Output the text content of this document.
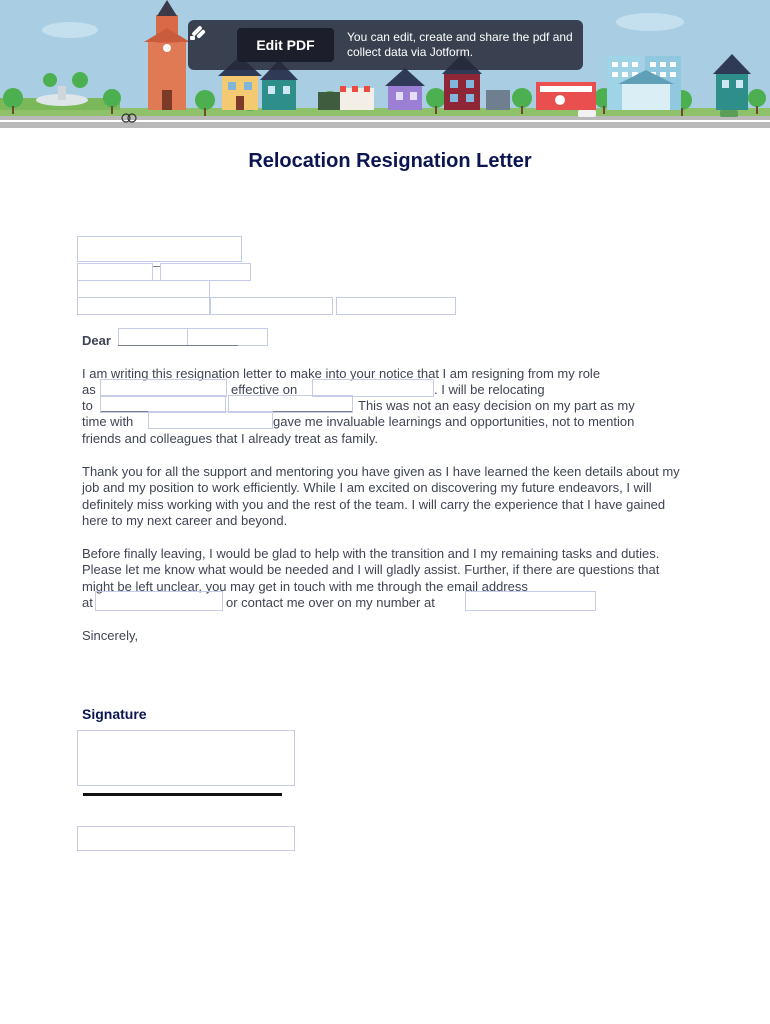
Edit PDF	You can edit, create and share the pdf and collect data via Jotform.
Relocation Resignation Letter
Dear
I am writing this resignation letter to make into your notice that I am resigning from my role
as	effective on	. I will be relocating
to	This was not an easy decision on my part as my
time with	gave me invaluable learnings and opportunities, not to mention
friends and colleagues that I already treat as family.
Thank you for all the support and mentoring you have given as I have learned the keen details about my job and my position to work efficiently. While I am excited on discovering my future endeavors, I will definitely miss working with you and the rest of the team. I will carry the experience that I have gained here to my next career and beyond.
Before finally leaving, I would be glad to help with the transition and I my remaining tasks and duties. Please let me know what would be needed and I will gladly assist. Further, if there are questions that might be left unclear, you may get in touch with me through the email address
at	or contact me over on my number at
Sincerely,
Signature
